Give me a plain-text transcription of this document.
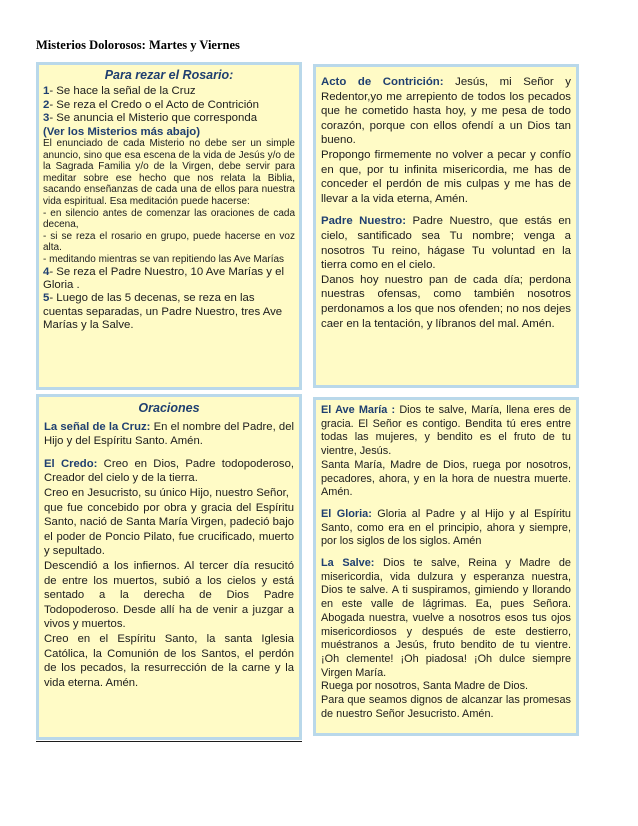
Misterios Dolorosos: Martes y Viernes
Para rezar el Rosario:
1- Se hace la señal de la Cruz
2- Se reza el Credo o el Acto de Contrición
3- Se anuncia el Misterio que corresponda
(Ver los Misterios más abajo)
El enunciado de cada Misterio no debe ser un simple anuncio, sino que esa escena de la vida de Jesús y/o de la Sagrada Familia y/o de la Virgen, debe servir para meditar sobre ese hecho que nos relata la Biblia, sacando enseñanzas de cada una de ellos para nuestra vida espiritual. Esa meditación puede hacerse:
- en silencio antes de comenzar las oraciones de cada decena,
- si se reza el rosario en grupo, puede hacerse en voz alta.
- meditando mientras se van repitiendo las Ave Marías
4- Se reza el Padre Nuestro, 10 Ave Marías y el Gloria .
5- Luego de las 5 decenas, se reza en las cuentas separadas, un Padre Nuestro, tres Ave Marías y la Salve.

Acto de Contrición: Jesús, mi Señor y Redentor,yo me arrepiento de todos los pecados que he cometido hasta hoy, y me pesa de todo corazón, porque con ellos ofendí a un Dios tan bueno.

Propongo firmemente no volver a pecar y confío en que, por tu infinita misericordia, me has de conceder el perdón de mis culpas y me has de llevar a la vida eterna, Amén.

Padre Nuestro: Padre Nuestro, que estás en cielo, santificado sea Tu nombre; venga a nosotros Tu reino, hágase Tu voluntad en la tierra como en el cielo.

Danos hoy nuestro pan de cada día; perdona nuestras ofensas, como también nosotros perdonamos a los que nos ofenden; no nos dejes caer en la tentación, y líbranos del mal. Amén.

Oraciones

La señal de la Cruz: En el nombre del Padre, del Hijo y del Espíritu Santo. Amén.

El Credo: Creo en Dios, Padre todopoderoso, Creador del cielo y de la tierra.

Creo en Jesucristo, su único Hijo, nuestro Señor,

que fue concebido por obra y gracia del Espíritu Santo, nació de Santa María Virgen, padeció bajo el poder de Poncio Pilato, fue crucificado, muerto y sepultado.

Descendió a los infiernos. Al tercer día resucitó de entre los muertos, subió a los cielos y está sentado a la derecha de Dios Padre Todopoderoso. Desde allí ha de venir a juzgar a vivos y muertos.

Creo en el Espíritu Santo, la santa Iglesia Católica, la Comunión de los Santos, el perdón de los pecados, la resurrección de la carne y la vida eterna. Amén.

El Ave María : Dios te salve, María, llena eres de gracia. El Señor es contigo. Bendita tú eres entre todas las mujeres, y bendito es el fruto de tu vientre, Jesús.

Santa María, Madre de Dios, ruega por nosotros, pecadores, ahora, y en la hora de nuestra muerte. Amén.

El Gloria: Gloria al Padre y al Hijo y al Espíritu Santo, como era en el principio, ahora y siempre, por los siglos de los siglos. Amén

La Salve: Dios te salve, Reina y Madre de misericordia, vida dulzura y esperanza nuestra, Dios te salve. A ti suspiramos, gimiendo y llorando en este valle de lágrimas. Ea, pues Señora. Abogada nuestra, vuelve a nosotros esos tus ojos misericordiosos y después de este destierro, muéstranos a Jesús, fruto bendito de tu vientre. ¡Oh clemente! ¡Oh piadosa! ¡Oh dulce siempre Virgen María.

Ruega por nosotros, Santa Madre de Dios.

Para que seamos dignos de alcanzar las promesas de nuestro Señor Jesucristo. Amén.
